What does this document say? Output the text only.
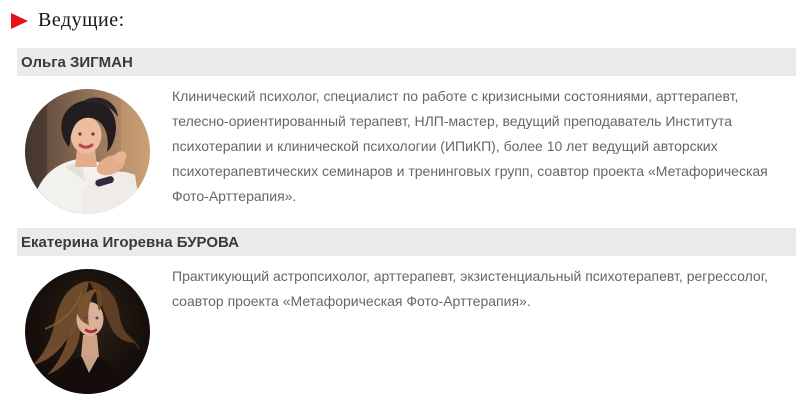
Ведущие:
Ольга ЗИГМАН
Клинический психолог, специалист по работе с кризисными состояниями, арттерапевт, телесно-ориентированный терапевт, НЛП-мастер, ведущий преподаватель Института психотерапии и клинической психологии (ИПиКП), более 10 лет ведущий авторских психотерапевтических семинаров и тренинговых групп, соавтор проекта «Метафорическая Фото-Арттерапия».
Екатерина Игоревна БУРОВА
Практикующий астропсихолог, арттерапевт, экзистенциальный психотерапевт, регрессолог, соавтор проекта «Метафорическая Фото-Арттерапия».
